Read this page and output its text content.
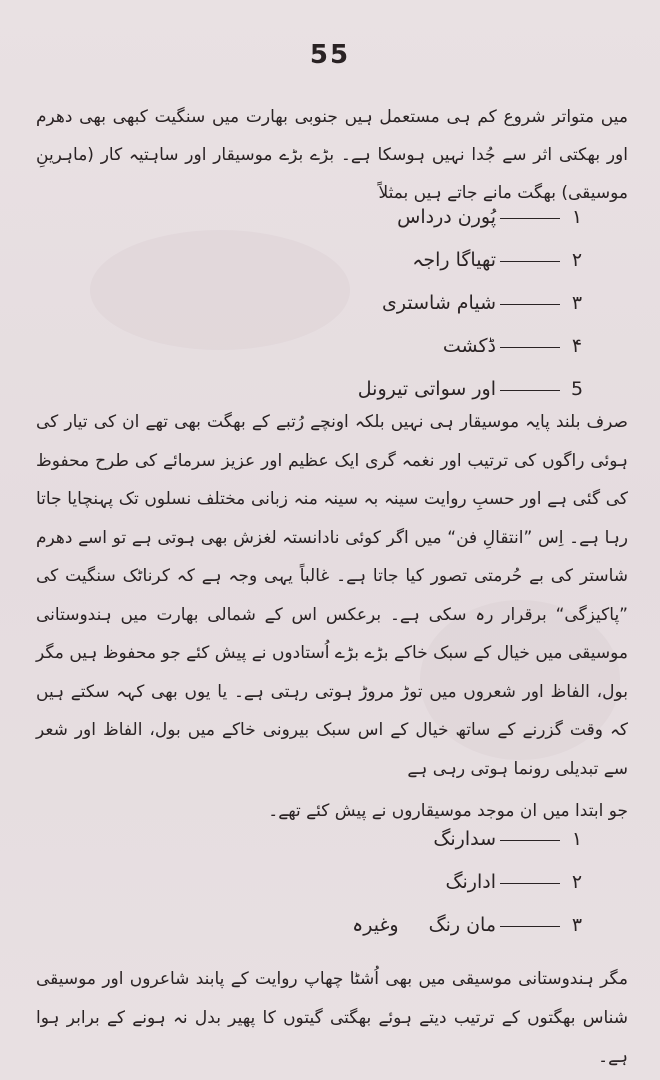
55
میں متواتر شروع کم ہی مستعمل ہیں جنوبی بھارت میں سنگیت کبھی بھی دھرم اور بھکتی اثر سے جُدا نہیں ہوسکا ہے۔ بڑے بڑے موسیقار اور ساہتیہ کار (ماہرینِ موسیقی) بھگت مانے جاتے ہیں بمثلاً
۱پُورن درداس
۲تھیاگا راجہ
۳شیام شاستری
۴ڈکشت
5اور سواتی تیرونل
صرف بلند پایہ موسیقار ہی نہیں بلکہ اونچے رُتبے کے بھگت بھی تھے ان کی تیار کی ہوئی راگوں کی ترتیب اور نغمہ گری ایک عظیم اور عزیز سرمائے کی طرح محفوظ کی گئی ہے اور حسبِ روایت سینہ بہ سینہ منہ زبانی مختلف نسلوں تک پہنچایا جاتا رہا ہے۔ اِس ”انتقالِ فن“ میں اگر کوئی نادانستہ لغزش بھی ہوتی ہے تو اسے دھرم شاستر کی بے حُرمتی تصور کیا جاتا ہے۔ غالباً یہی وجہ ہے کہ کرناٹک سنگیت کی ”پاکیزگی“ برقرار رہ سکی ہے۔ برعکس اس کے شمالی بھارت میں ہندوستانی موسیقی میں خیال کے سبک خاکے بڑے بڑے اُستادوں نے پیش کئے جو محفوظ ہیں مگر بول، الفاظ اور شعروں میں توڑ مروڑ ہوتی رہتی ہے۔ یا یوں بھی کہہ سکتے ہیں کہ وقت گزرنے کے ساتھ خیال کے اس سبک بیرونی خاکے میں بول، الفاظ اور شعر سے تبدیلی رونما ہوتی رہی ہے
جو ابتدا میں ان موجد موسیقاروں نے پیش کئے تھے۔
۱سدارنگ
۲ادارنگ
۳مان رنگوغیرہ
مگر ہندوستانی موسیقی میں بھی اُشٹا چھاپ روایت کے پابند شاعروں اور موسیقی شناس بھگتوں کے ترتیب دیتے ہوئے بھگتی گیتوں کا پھیر بدل نہ ہونے کے برابر ہوا ہے۔
